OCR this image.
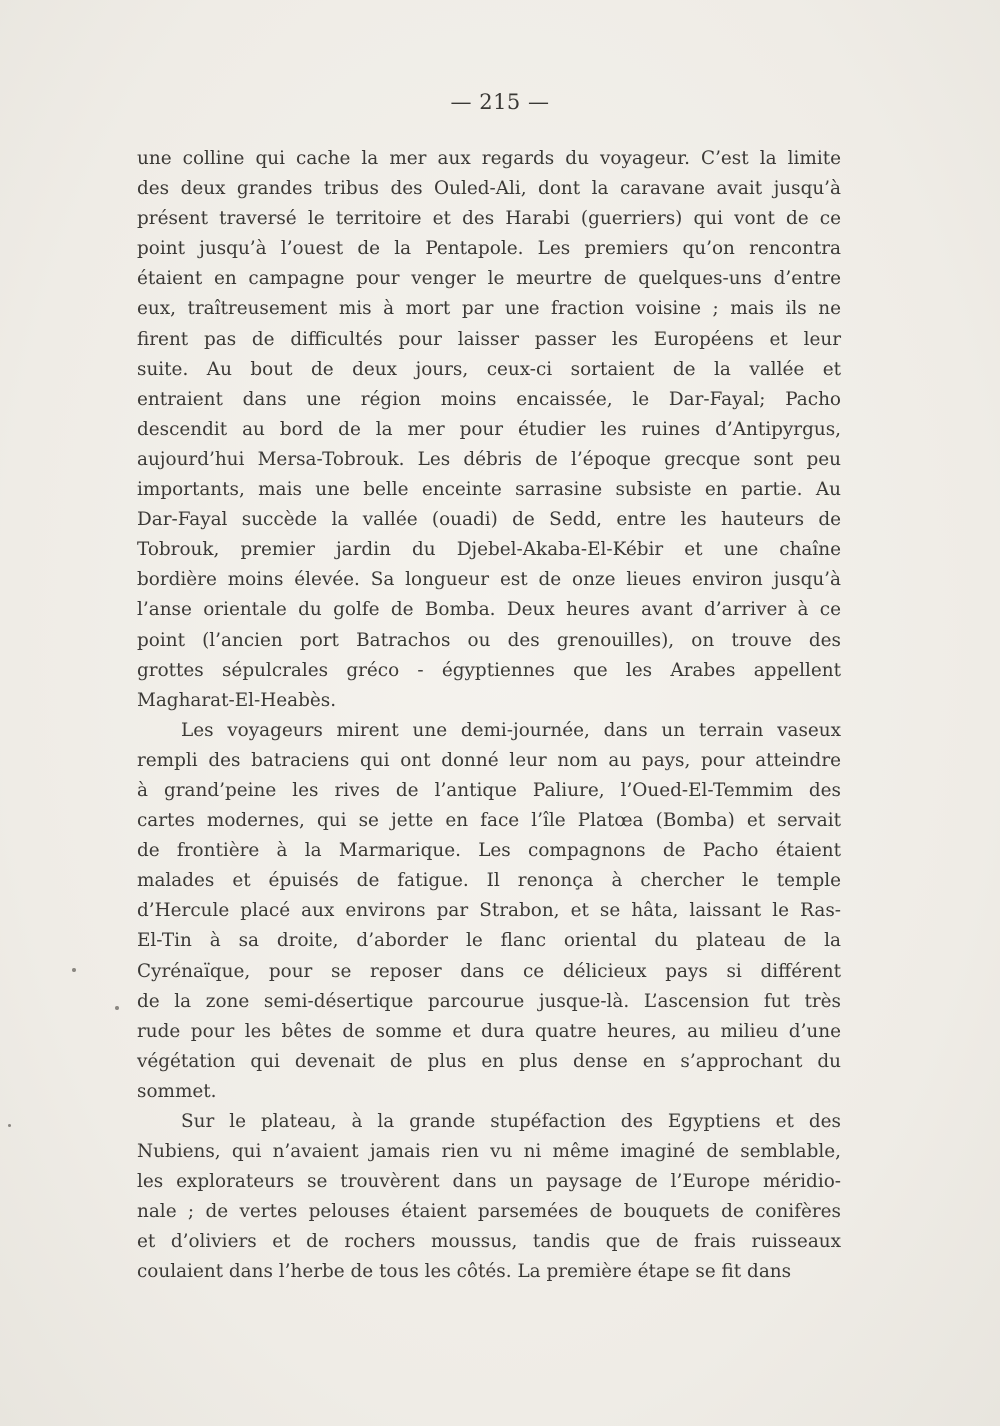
— 215 —
une colline qui cache la mer aux regards du voyageur. C’est la limite
des deux grandes tribus des Ouled-Ali, dont la caravane avait jusqu’à
présent traversé le territoire et des Harabi (guerriers) qui vont de ce
point jusqu’à l’ouest de la Pentapole. Les premiers qu’on rencontra
étaient en campagne pour venger le meurtre de quelques-uns d’entre
eux, traîtreusement mis à mort par une fraction voisine ; mais ils ne
firent pas de difficultés pour laisser passer les Européens et leur
suite. Au bout de deux jours, ceux-ci sortaient de la vallée et
entraient dans une région moins encaissée, le Dar-Fayal; Pacho
descendit au bord de la mer pour étudier les ruines d’Antipyrgus,
aujourd’hui Mersa-Tobrouk. Les débris de l’époque grecque sont peu
importants, mais une belle enceinte sarrasine subsiste en partie. Au
Dar-Fayal succède la vallée (ouadi) de Sedd, entre les hauteurs de
Tobrouk, premier jardin du Djebel-Akaba-El-Kébir et une chaîne
bordière moins élevée. Sa longueur est de onze lieues environ jusqu’à
l’anse orientale du golfe de Bomba. Deux heures avant d’arriver à ce
point (l’ancien port Batrachos ou des grenouilles), on trouve des
grottes sépulcrales gréco - égyptiennes que les Arabes appellent
Magharat-El-Heabès.
Les voyageurs mirent une demi-journée, dans un terrain vaseux
rempli des batraciens qui ont donné leur nom au pays, pour atteindre
à grand’peine les rives de l’antique Paliure, l’Oued-El-Temmim des
cartes modernes, qui se jette en face l’île Platœa (Bomba) et servait
de frontière à la Marmarique. Les compagnons de Pacho étaient
malades et épuisés de fatigue. Il renonça à chercher le temple
d’Hercule placé aux environs par Strabon, et se hâta, laissant le Ras-
El-Tin à sa droite, d’aborder le flanc oriental du plateau de la
Cyrénaïque, pour se reposer dans ce délicieux pays si différent
de la zone semi-désertique parcourue jusque-là. L’ascension fut très
rude pour les bêtes de somme et dura quatre heures, au milieu d’une
végétation qui devenait de plus en plus dense en s’approchant du
sommet.
Sur le plateau, à la grande stupéfaction des Egyptiens et des
Nubiens, qui n’avaient jamais rien vu ni même imaginé de semblable,
les explorateurs se trouvèrent dans un paysage de l’Europe méridio-
nale ; de vertes pelouses étaient parsemées de bouquets de conifères
et d’oliviers et de rochers moussus, tandis que de frais ruisseaux
coulaient dans l’herbe de tous les côtés. La première étape se fit dans
